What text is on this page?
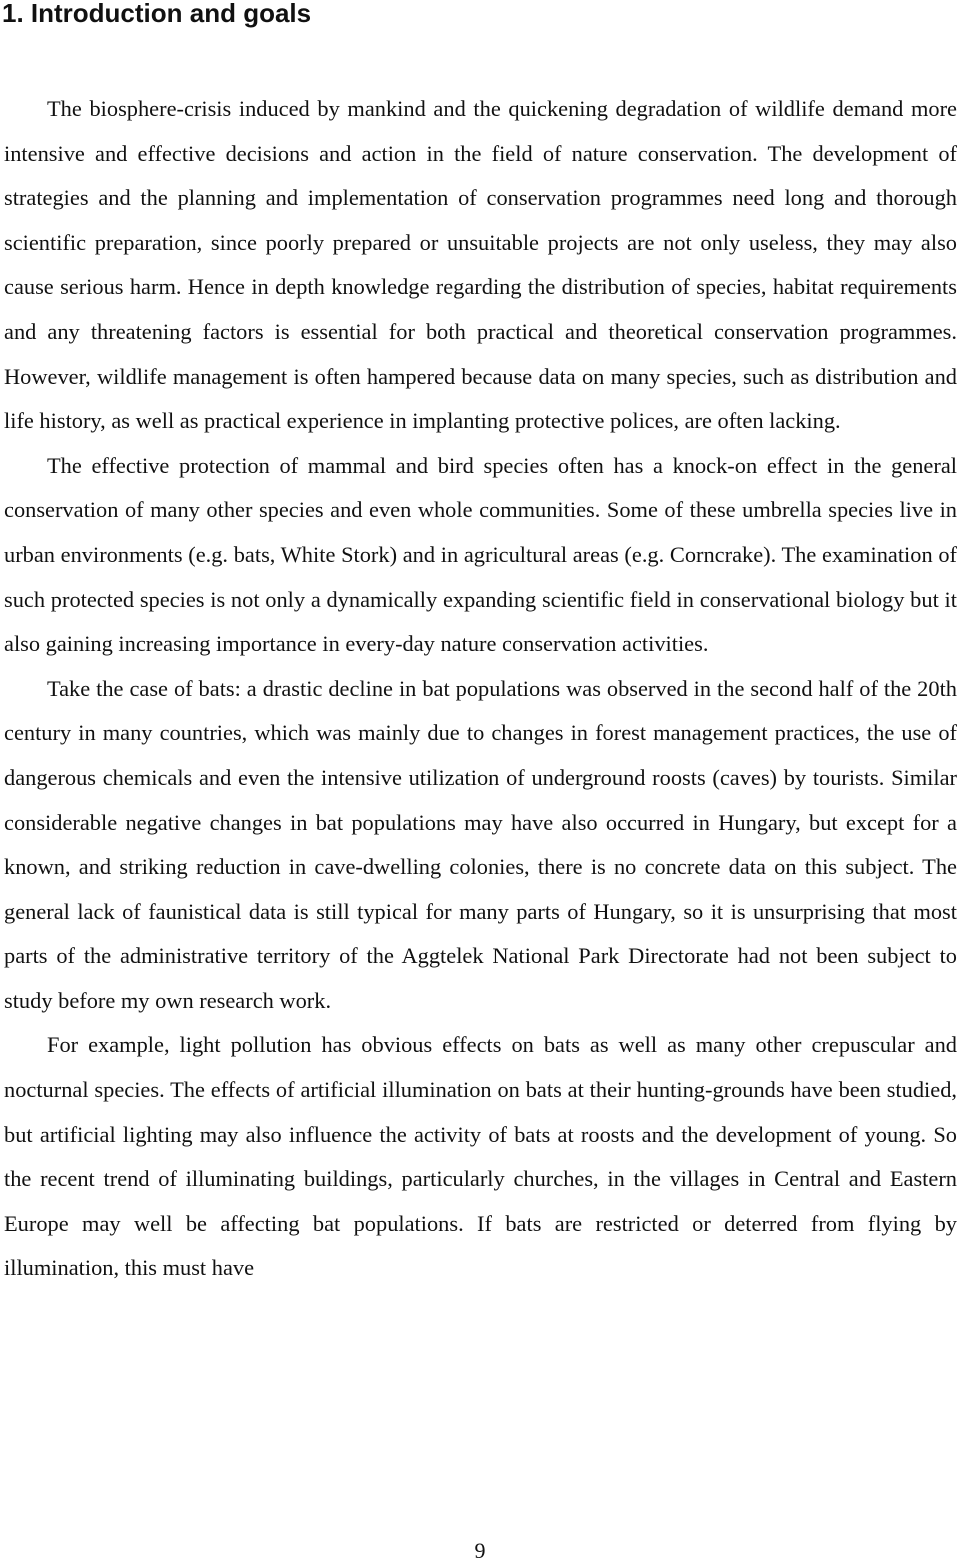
1. Introduction and goals

The biosphere-crisis induced by mankind and the quickening degradation of wildlife demand more intensive and effective decisions and action in the field of nature conservation. The development of strategies and the planning and implementation of conservation programmes need long and thorough scientific preparation, since poorly prepared or unsuitable projects are not only useless, they may also cause serious harm. Hence in depth knowledge regarding the distribution of species, habitat requirements and any threatening factors is essential for both practical and theoretical conservation programmes. However, wildlife management is often hampered because data on many species, such as distribution and life history, as well as practical experience in implanting protective polices, are often lacking.

The effective protection of mammal and bird species often has a knock-on effect in the general conservation of many other species and even whole communities. Some of these umbrella species live in urban environments (e.g. bats, White Stork) and in agricultural areas (e.g. Corncrake). The examination of such protected species is not only a dynamically expanding scientific field in conservational biology but it also gaining increasing importance in every-day nature conservation activities.

Take the case of bats: a drastic decline in bat populations was observed in the second half of the 20th century in many countries, which was mainly due to changes in forest management practices, the use of dangerous chemicals and even the intensive utilization of underground roosts (caves) by tourists. Similar considerable negative changes in bat populations may have also occurred in Hungary, but except for a known, and striking reduction in cave-dwelling colonies, there is no concrete data on this subject. The general lack of faunistical data is still typical for many parts of Hungary, so it is unsurprising that most parts of the administrative territory of the Aggtelek National Park Directorate had not been subject to study before my own research work.

For example, light pollution has obvious effects on bats as well as many other crepuscular and nocturnal species. The effects of artificial illumination on bats at their hunting-grounds have been studied, but artificial lighting may also influence the activity of bats at roosts and the development of young. So the recent trend of illuminating buildings, particularly churches, in the villages in Central and Eastern Europe may well be affecting bat populations. If bats are restricted or deterred from flying by illumination, this must have

9
